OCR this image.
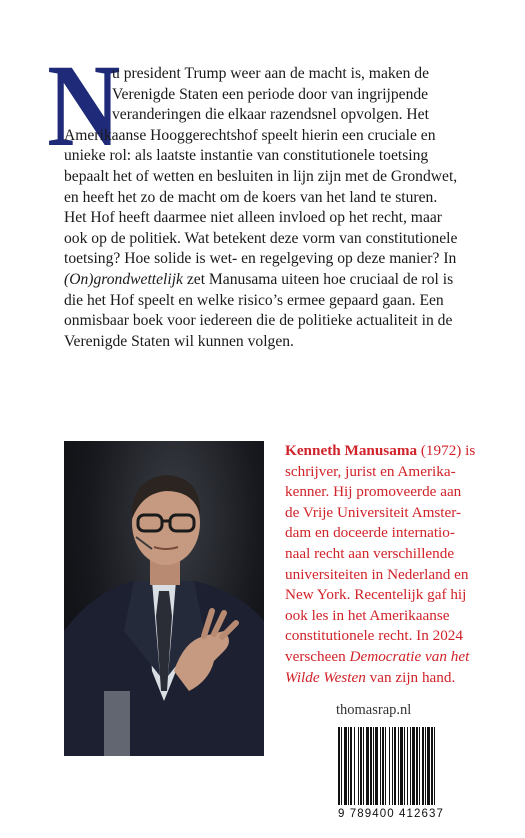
N
u president Trump weer aan de macht is, maken de
Verenigde Staten een periode door van ingrijpende
veranderingen die elkaar razendsnel opvolgen. Het
Amerikaanse Hooggerechtshof speelt hierin een cruciale en
unieke rol: als laatste instantie van constitutionele toetsing
bepaalt het of wetten en besluiten in lijn zijn met de Grondwet,
en heeft het zo de macht om de koers van het land te sturen.
Het Hof heeft daarmee niet alleen invloed op het recht, maar
ook op de politiek. Wat betekent deze vorm van constitutionele
toetsing? Hoe solide is wet- en regelgeving op deze manier? In
(On)grondwettelijk zet Manusama uiteen hoe cruciaal de rol is
die het Hof speelt en welke risico’s ermee gepaard gaan. Een
onmisbaar boek voor iedereen die de politieke actualiteit in de
Verenigde Staten wil kunnen volgen.
Kenneth Manusama (1972) is
schrijver, jurist en Amerika-
kenner. Hij promoveerde aan
de Vrije Universiteit Amster-
dam en doceerde internatio-
naal recht aan verschillende
universiteiten in Nederland en
New York. Recentelijk gaf hij
ook les in het Amerikaanse
constitutionele recht. In 2024
verscheen Democratie van het
Wilde Westen van zijn hand.
thomasrap.nl
9 789400 412637
